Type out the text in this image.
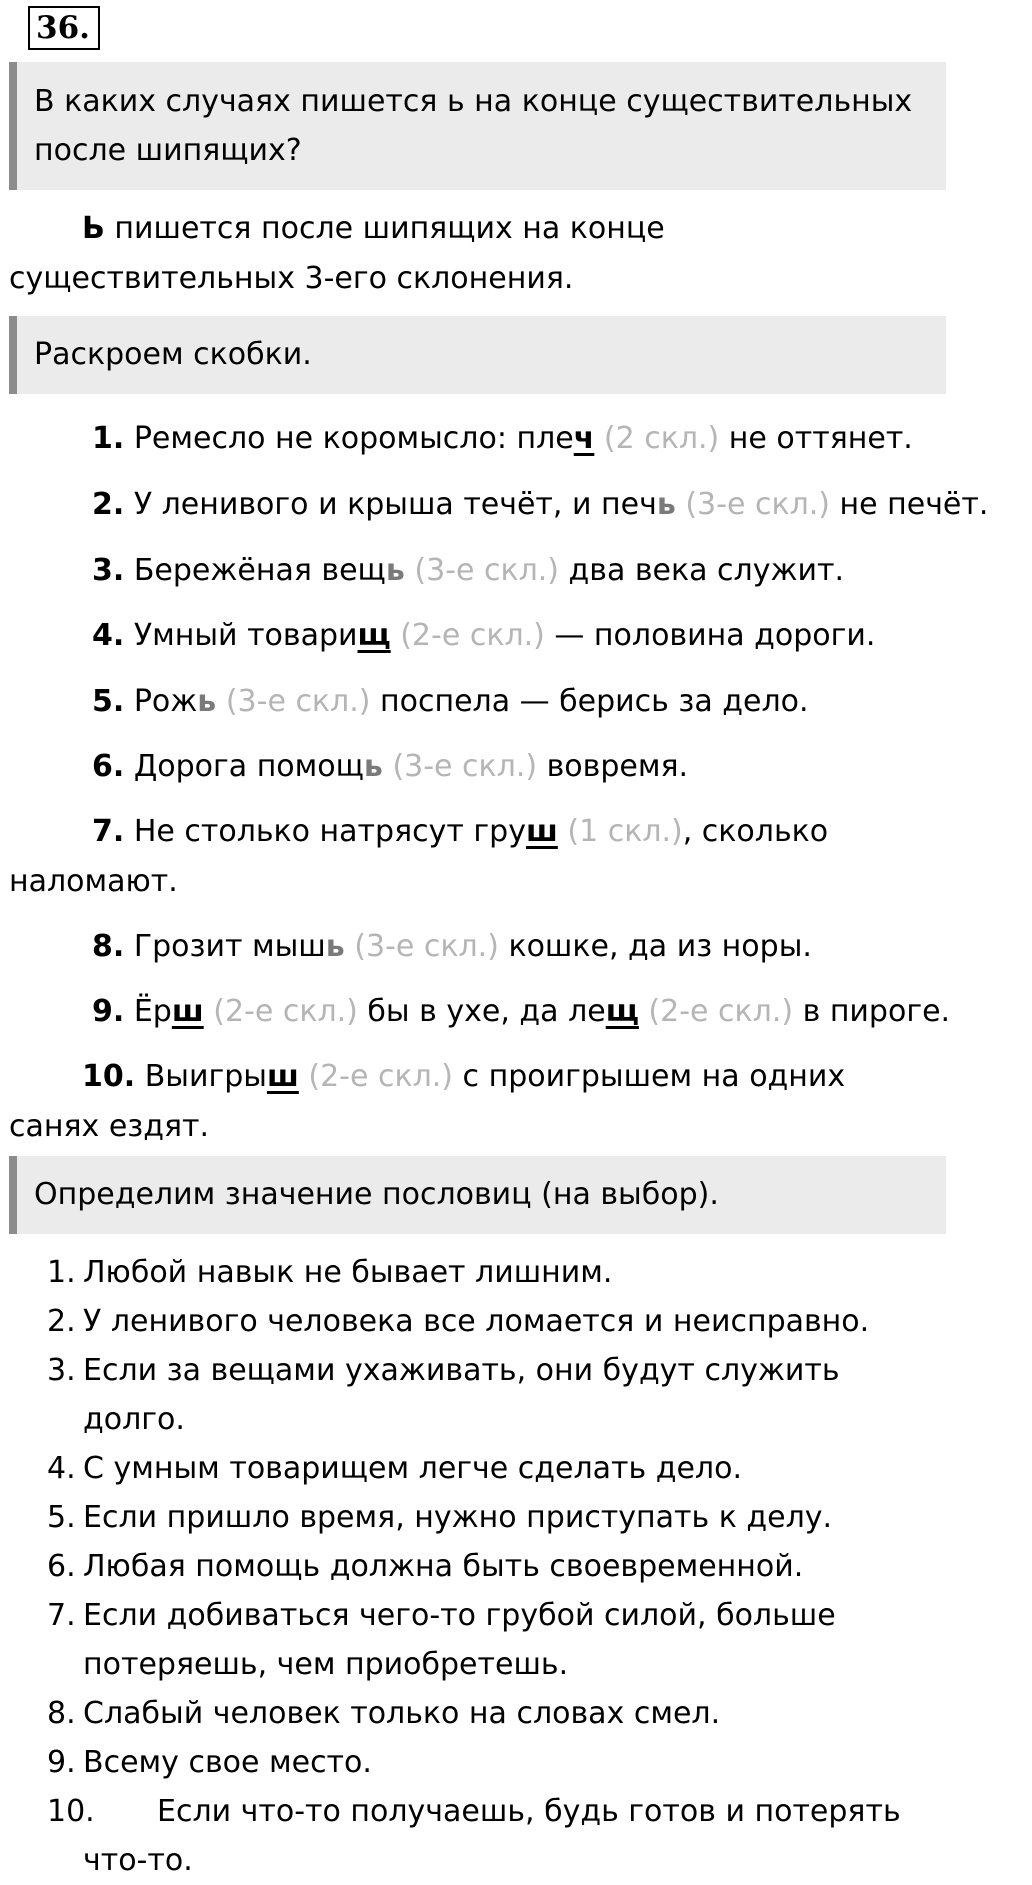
36.
В каких случаях пишется ь на конце существительных после шипящих?
Ь пишется после шипящих на конце существительных 3-его склонения.
Раскроем скобки.
1. Ремесло не коромысло: плеч (2 скл.) не оттянет.
2. У ленивого и крыша течёт, и печь (3-е скл.) не печёт.
3. Бережёная вещь (3-е скл.) два века служит.
4. Умный товарищ (2-е скл.) — половина дороги.
5. Рожь (3-е скл.) поспела — берись за дело.
6. Дорога помощь (3-е скл.) вовремя.
7. Не столько натрясут груш (1 скл.), сколько наломают.
8. Грозит мышь (3-е скл.) кошке, да из норы.
9. Ёрш (2-е скл.) бы в ухе, да лещ (2-е скл.) в пироге.
10. Выигрыш (2-е скл.) с проигрышем на одних санях ездят.
Определим значение пословиц (на выбор).
1. Любой навык не бывает лишним.
2. У ленивого человека все ломается и неисправно.
3. Если за вещами ухаживать, они будут служить долго.
4. С умным товарищем легче сделать дело.
5. Если пришло время, нужно приступать к делу.
6. Любая помощь должна быть своевременной.
7. Если добиваться чего-то грубой силой, больше потеряешь, чем приобретешь.
8. Слабый человек только на словах смел.
9. Всему свое место.
10. Если что-то получаешь, будь готов и потерять что-то.
